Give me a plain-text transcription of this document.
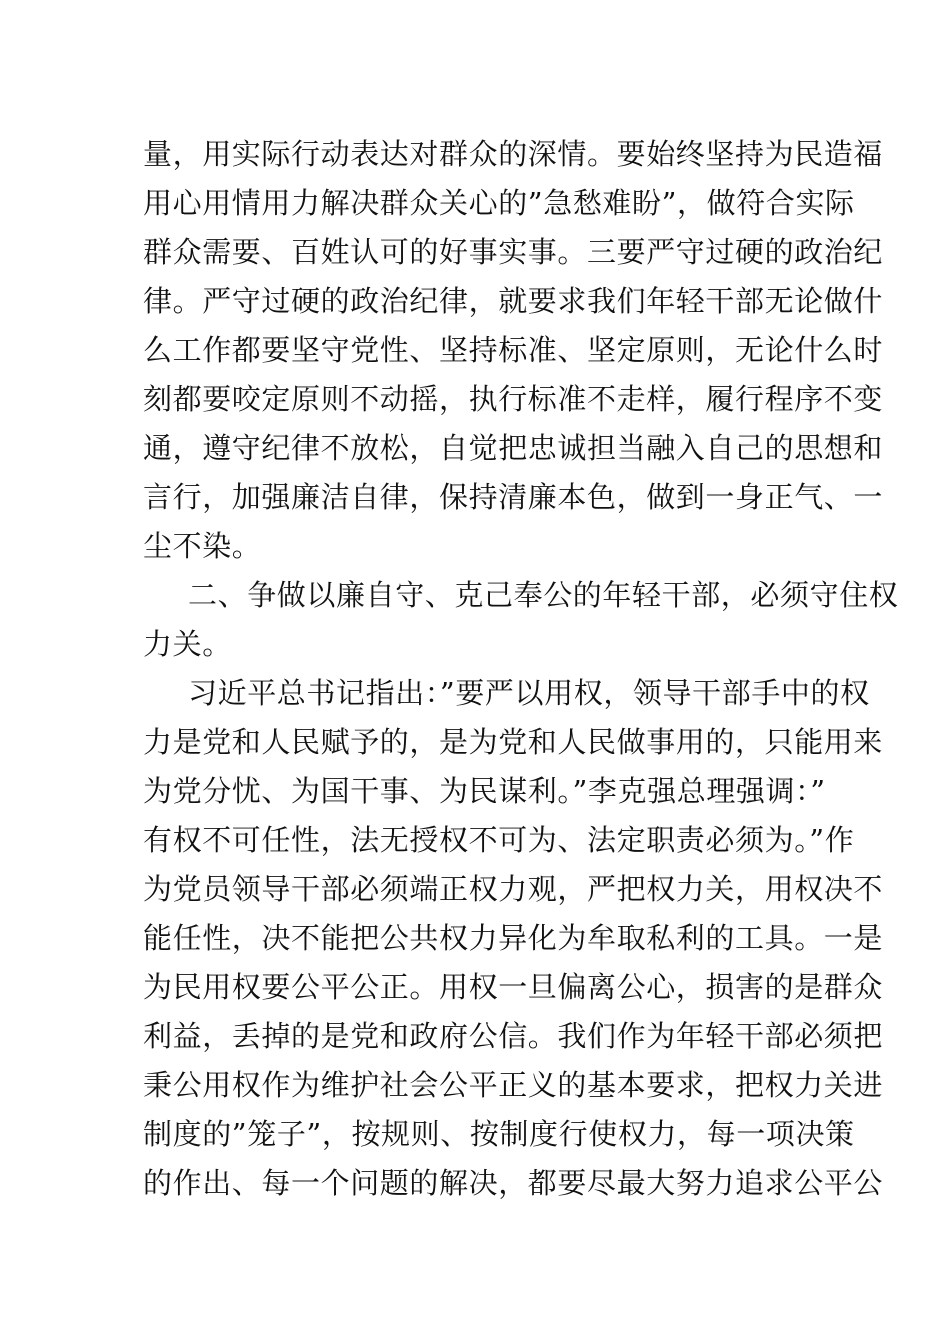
量，用实际行动表达对群众的深情。要始终坚持为民造福
用心用情用力解决群众关心的”急愁难盼”，做符合实际
群众需要、百姓认可的好事实事。三要严守过硬的政治纪
律。严守过硬的政治纪律，就要求我们年轻干部无论做什
么工作都要坚守党性、坚持标准、坚定原则，无论什么时
刻都要咬定原则不动摇，执行标准不走样，履行程序不变
通，遵守纪律不放松，自觉把忠诚担当融入自己的思想和
言行，加强廉洁自律，保持清廉本色，做到一身正气、一
尘不染。
二、争做以廉自守、克己奉公的年轻干部，必须守住权
力关。
习近平总书记指出：”要严以用权，领导干部手中的权
力是党和人民赋予的，是为党和人民做事用的，只能用来
为党分忧、为国干事、为民谋利。”李克强总理强调：”
有权不可任性，法无授权不可为、法定职责必须为。”作
为党员领导干部必须端正权力观，严把权力关，用权决不
能任性，决不能把公共权力异化为牟取私利的工具。一是
为民用权要公平公正。用权一旦偏离公心，损害的是群众
利益，丢掉的是党和政府公信。我们作为年轻干部必须把
秉公用权作为维护社会公平正义的基本要求，把权力关进
制度的”笼子”，按规则、按制度行使权力，每一项决策
的作出、每一个问题的解决，都要尽最大努力追求公平公
